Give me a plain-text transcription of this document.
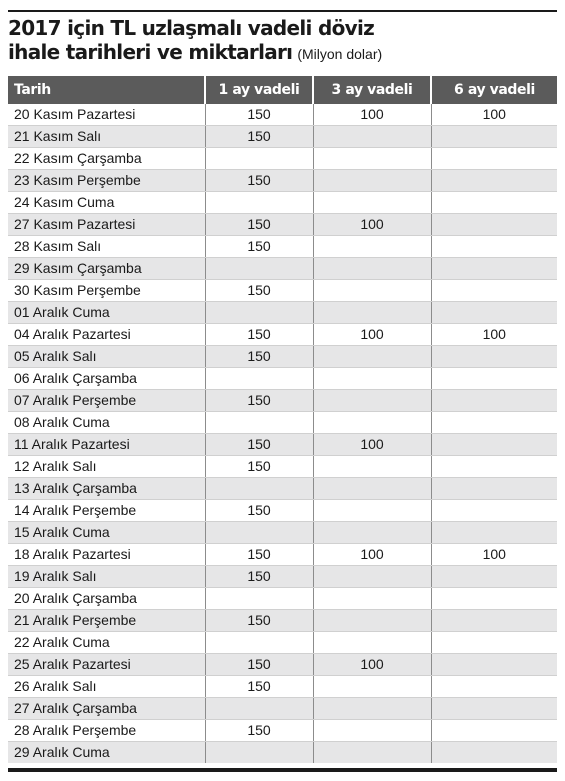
2017 için TL uzlaşmalı vadeli döviz
ihale tarihleri ve miktarları (Milyon dolar)
Tarih	1 ay vadeli	3 ay vadeli	6 ay vadeli
20 Kasım Pazartesi	150	100	100
21 Kasım Salı	150		
22 Kasım Çarşamba			
23 Kasım Perşembe	150		
24 Kasım Cuma			
27 Kasım Pazartesi	150	100	
28 Kasım Salı	150		
29 Kasım Çarşamba			
30 Kasım Perşembe	150		
01 Aralık Cuma			
04 Aralık Pazartesi	150	100	100
05 Aralık Salı	150		
06 Aralık Çarşamba			
07 Aralık Perşembe	150		
08 Aralık Cuma			
11 Aralık Pazartesi	150	100	
12 Aralık Salı	150		
13 Aralık Çarşamba			
14 Aralık Perşembe	150		
15 Aralık Cuma			
18 Aralık Pazartesi	150	100	100
19 Aralık Salı	150		
20 Aralık Çarşamba			
21 Aralık Perşembe	150		
22 Aralık Cuma			
25 Aralık Pazartesi	150	100	
26 Aralık Salı	150		
27 Aralık Çarşamba			
28 Aralık Perşembe	150		
29 Aralık Cuma			
